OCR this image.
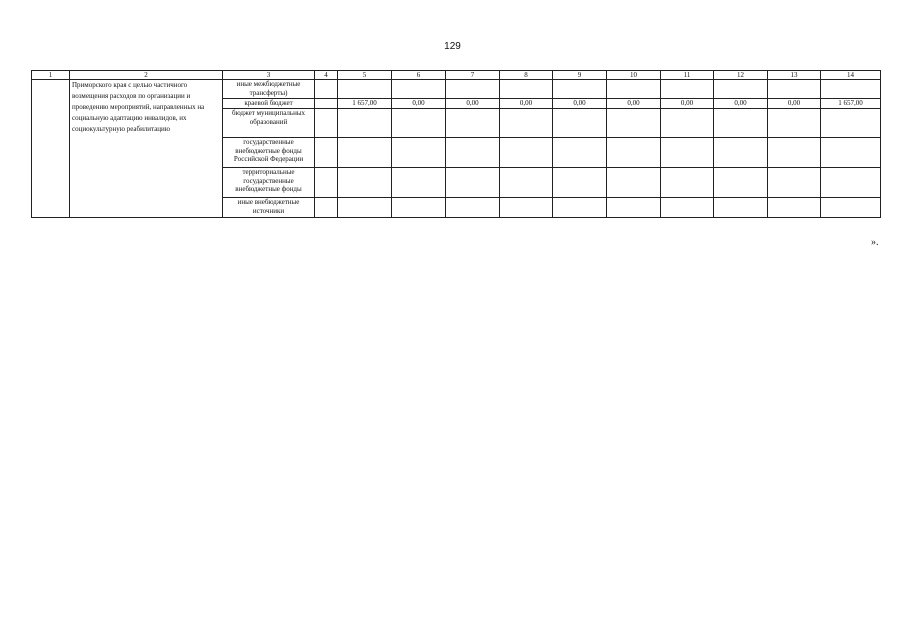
129
1	2	3	4	5	6	7	8	9	10	11	12	13	14
	Приморского края с целью частичного возмещения расходов по организации и проведению мероприятий, направленных на социальную адаптацию инвалидов, их социокультурную реабилитацию	иные межбюджетные трансферты)											
		краевой бюджет		1 657,00	0,00	0,00	0,00	0,00	0,00	0,00	0,00	0,00	1 657,00
		бюджет муниципальных образований											
		государственные внебюджетные фонды Российской Федерации											
		территориальные государственные внебюджетные фонды											
		иные внебюджетные источники											
».
